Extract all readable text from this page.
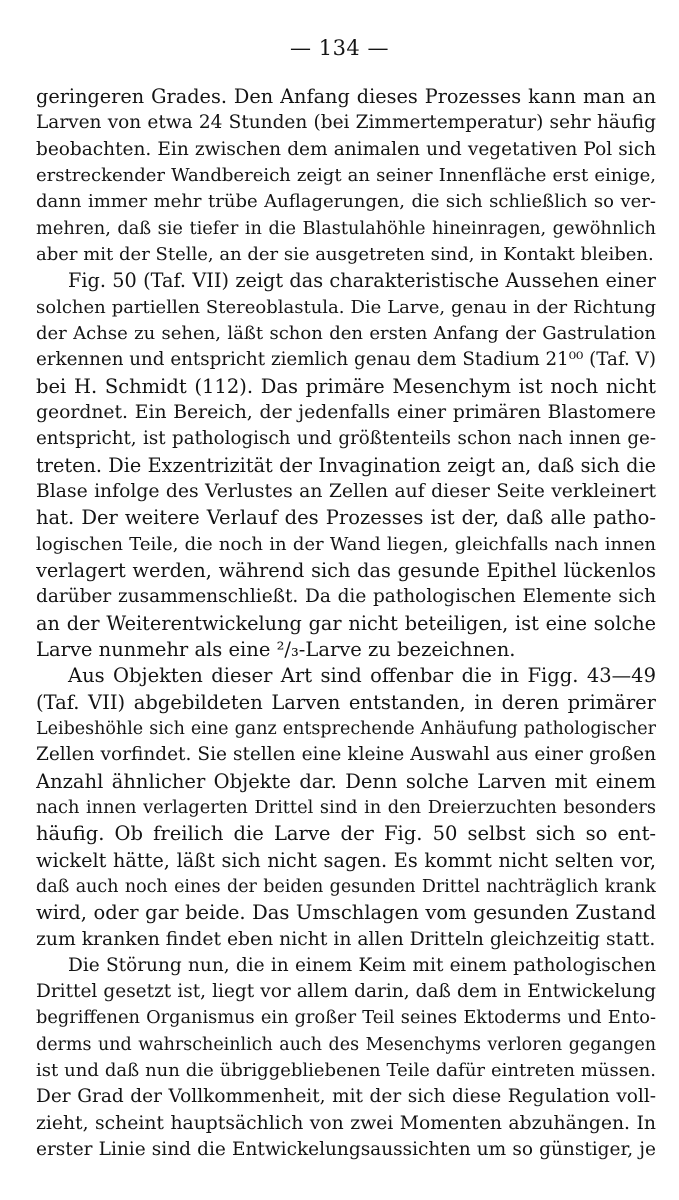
— 134 —
geringeren Grades. Den Anfang dieses Prozesses kann man an
Larven von etwa 24 Stunden (bei Zimmertemperatur) sehr häufig
beobachten. Ein zwischen dem animalen und vegetativen Pol sich
erstreckender Wandbereich zeigt an seiner Innenfläche erst einige,
dann immer mehr trübe Auflagerungen, die sich schließlich so ver-
mehren, daß sie tiefer in die Blastulahöhle hineinragen, gewöhnlich
aber mit der Stelle, an der sie ausgetreten sind, in Kontakt bleiben.
Fig. 50 (Taf. VII) zeigt das charakteristische Aussehen einer
solchen partiellen Stereoblastula. Die Larve, genau in der Richtung
der Achse zu sehen, läßt schon den ersten Anfang der Gastrulation
erkennen und entspricht ziemlich genau dem Stadium 21⁰⁰ (Taf. V)
bei H. Schmidt (112). Das primäre Mesenchym ist noch nicht
geordnet. Ein Bereich, der jedenfalls einer primären Blastomere
entspricht, ist pathologisch und größtenteils schon nach innen ge-
treten. Die Exzentrizität der Invagination zeigt an, daß sich die
Blase infolge des Verlustes an Zellen auf dieser Seite verkleinert
hat. Der weitere Verlauf des Prozesses ist der, daß alle patho-
logischen Teile, die noch in der Wand liegen, gleichfalls nach innen
verlagert werden, während sich das gesunde Epithel lückenlos
darüber zusammenschließt. Da die pathologischen Elemente sich
an der Weiterentwickelung gar nicht beteiligen, ist eine solche
Larve nunmehr als eine ²/₃-Larve zu bezeichnen.
Aus Objekten dieser Art sind offenbar die in Figg. 43—49
(Taf. VII) abgebildeten Larven entstanden, in deren primärer
Leibeshöhle sich eine ganz entsprechende Anhäufung pathologischer
Zellen vorfindet. Sie stellen eine kleine Auswahl aus einer großen
Anzahl ähnlicher Objekte dar. Denn solche Larven mit einem
nach innen verlagerten Drittel sind in den Dreierzuchten besonders
häufig. Ob freilich die Larve der Fig. 50 selbst sich so ent-
wickelt hätte, läßt sich nicht sagen. Es kommt nicht selten vor,
daß auch noch eines der beiden gesunden Drittel nachträglich krank
wird, oder gar beide. Das Umschlagen vom gesunden Zustand
zum kranken findet eben nicht in allen Dritteln gleichzeitig statt.
Die Störung nun, die in einem Keim mit einem pathologischen
Drittel gesetzt ist, liegt vor allem darin, daß dem in Entwickelung
begriffenen Organismus ein großer Teil seines Ektoderms und Ento-
derms und wahrscheinlich auch des Mesenchyms verloren gegangen
ist und daß nun die übriggebliebenen Teile dafür eintreten müssen.
Der Grad der Vollkommenheit, mit der sich diese Regulation voll-
zieht, scheint hauptsächlich von zwei Momenten abzuhängen. In
erster Linie sind die Entwickelungsaussichten um so günstiger, je
